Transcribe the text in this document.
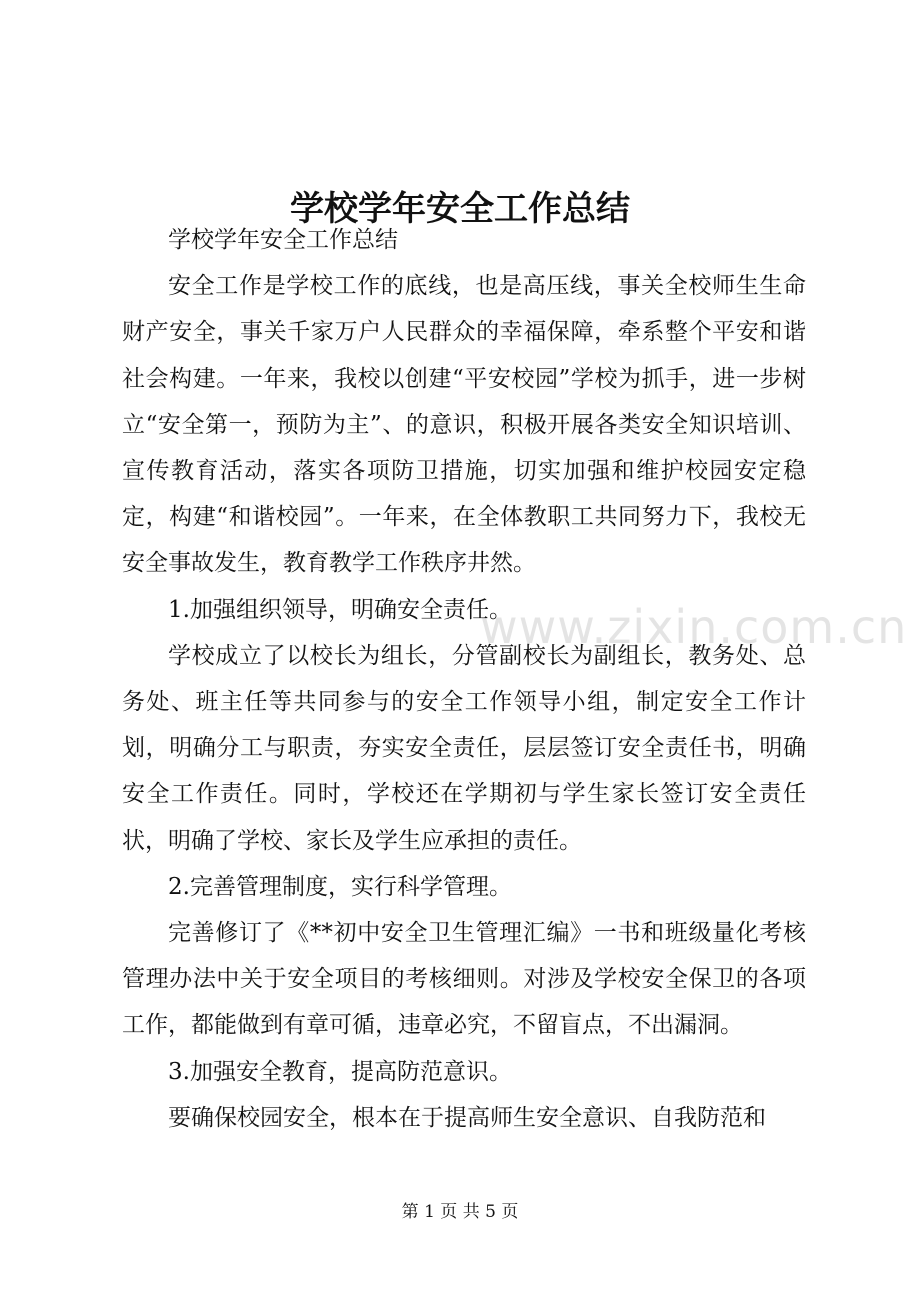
www.zixin.com.cn
学校学年安全工作总结

学校学年安全工作总结

安全工作是学校工作的底线，也是高压线，事关全校师生生命财产安全，事关千家万户人民群众的幸福保障，牵系整个平安和谐社会构建。一年来，我校以创建“平安校园”学校为抓手，进一步树立“安全第一，预防为主”、的意识，积极开展各类安全知识培训、宣传教育活动，落实各项防卫措施，切实加强和维护校园安定稳定，构建“和谐校园”。一年来，在全体教职工共同努力下，我校无安全事故发生，教育教学工作秩序井然。

1.加强组织领导，明确安全责任。

学校成立了以校长为组长，分管副校长为副组长，教务处、总务处、班主任等共同参与的安全工作领导小组，制定安全工作计划，明确分工与职责，夯实安全责任，层层签订安全责任书，明确安全工作责任。同时，学校还在学期初与学生家长签订安全责任状，明确了学校、家长及学生应承担的责任。

2.完善管理制度，实行科学管理。

完善修订了《**初中安全卫生管理汇编》一书和班级量化考核管理办法中关于安全项目的考核细则。对涉及学校安全保卫的各项工作，都能做到有章可循，违章必究，不留盲点，不出漏洞。

3.加强安全教育，提高防范意识。

要确保校园安全，根本在于提高师生安全意识、自我防范和

第 1 页 共 5 页
